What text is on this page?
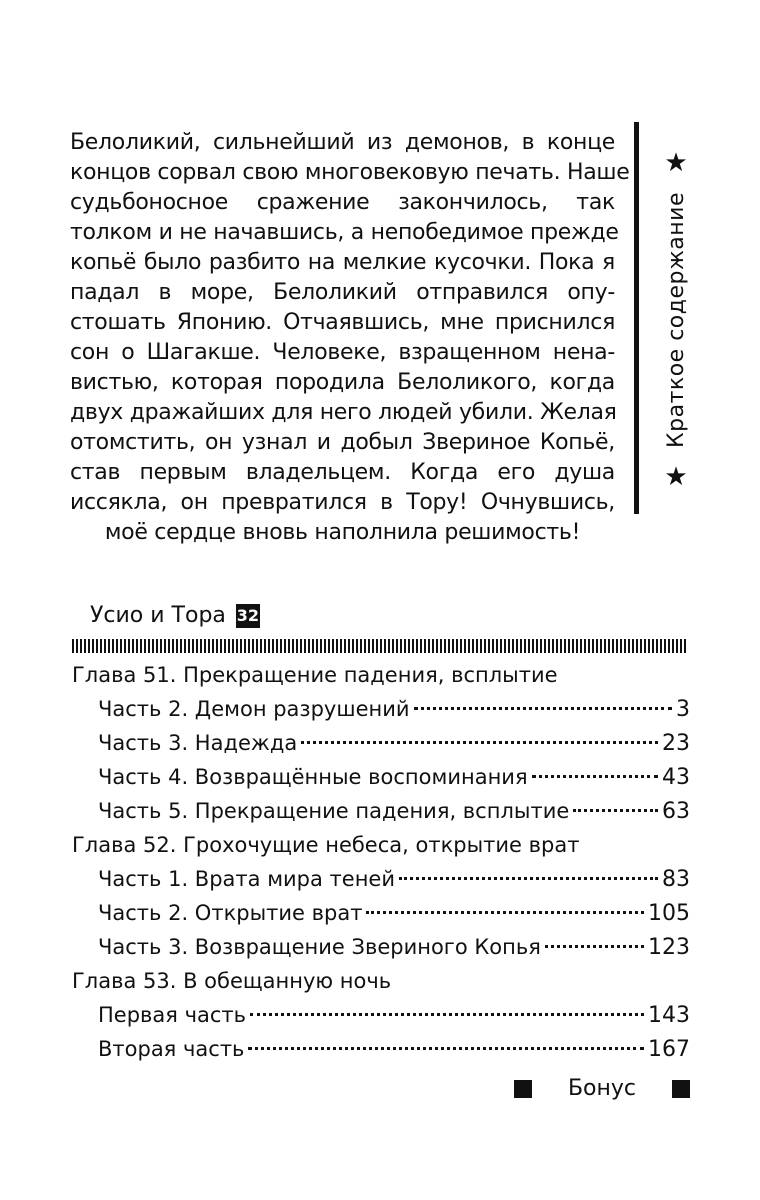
Белоликий, сильнейший из демонов, в конце
концов сорвал свою многовековую печать. Наше
судьбоносное сражение закончилось, так
толком и не начавшись, а непобедимое прежде
копьё было разбито на мелкие кусочки. Пока я
падал в море, Белоликий отправился опу-
стошать Японию. Отчаявшись, мне приснился
сон о Шагакше. Человеке, взращенном нена-
вистью, которая породила Белоликого, когда
двух дражайших для него людей убили. Желая
отомстить, он узнал и добыл Звериное Копьё,
став первым владельцем. Когда его душа
иссякла, он превратился в Тору! Очнувшись,
моё сердце вновь наполнила решимость!
★
Краткое содержание
★
Усио и Тора 32
Глава 51. Прекращение падения, всплытие
Часть 2. Демон разрушений	3
Часть 3. Надежда	23
Часть 4. Возвращённые воспоминания	43
Часть 5. Прекращение падения, всплытие	63
Глава 52. Грохочущие небеса, открытие врат
Часть 1. Врата мира теней	83
Часть 2. Открытие врат	105
Часть 3. Возвращение Звериного Копья	123
Глава 53. В обещанную ночь
Первая часть	143
Вторая часть	167
Бонус
